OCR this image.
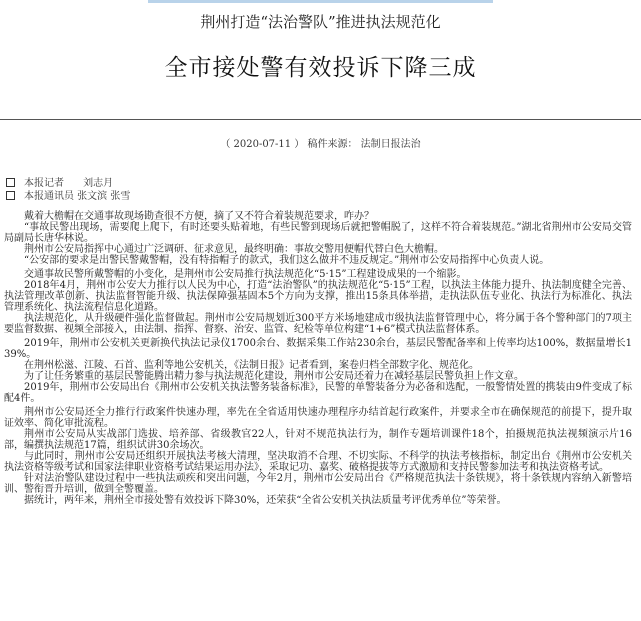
荆州打造“法治警队”推进执法规范化
全市接处警有效投诉下降三成
（ 2020-07-11 ） 稿件来源： 法制日报法治
本报记者      刘志月
本报通讯员 张文滨 张雪

戴着大檐帽在交通事故现场勘查很不方便，摘了又不符合着装规范要求，咋办？

“事故民警出现场，需要爬上爬下，有时还要头贴着地，有些民警到现场后就把警帽脱了，这样不符合着装规范。”湖北省荆州市公安局交管局副局长唐华林说。

荆州市公安局指挥中心通过广泛调研、征求意见，最终明确：事故交警用便帽代替白色大檐帽。

“公安部的要求是出警民警戴警帽，没有特指帽子的款式，我们这么做并不违反规定。”荆州市公安局指挥中心负责人说。

交通事故民警所戴警帽的小变化，是荆州市公安局推行执法规范化“5·15”工程建设成果的一个缩影。

2018年4月，荆州市公安大力推行以人民为中心，打造“法治警队”的执法规范化“5·15”工程，以执法主体能力提升、执法制度健全完善、执法管理改革创新、执法监督智能升级、执法保障强基固本5个方向为支撑，推出15条具体举措，走执法队伍专业化、执法行为标准化、执法管理系统化、执法流程信息化道路。

执法规范化，从升级硬件强化监督做起。荆州市公安局规划近300平方米场地建成市级执法监督管理中心，将分属于各个警种部门的7项主要监督数据、视频全部接入，由法制、指挥、督察、治安、监管、纪检等单位构建“1+6”模式执法监督体系。

2019年，荆州市公安机关更新换代执法记录仪1700余台、数据采集工作站230余台，基层民警配备率和上传率均达100%，数据量增长139%。

在荆州松滋、江陵、石首、监利等地公安机关，《法制日报》记者看到，案卷归档全部数字化、规范化。

为了让任务繁重的基层民警能腾出精力参与执法规范化建设，荆州市公安局还着力在减轻基层民警负担上作文章。

2019年，荆州市公安局出台《荆州市公安机关执法警务装备标准》，民警的单警装备分为必备和选配，一般警情处置的携装由9件变成了标配4件。

荆州市公安局还全力推行行政案件快速办理，率先在全省适用快速办理程序办结首起行政案件，并要求全市在确保规范的前提下，提升取证效率、简化审批流程。

荆州市公安局从实战部门选拔、培养部、省级教官22人，针对不规范执法行为，制作专题培训课件18个，拍摄规范执法视频演示片16部，编撰执法规范17篇，组织试讲30余场次。

与此同时，荆州市公安局还组织开展执法考核大清理，坚决取消不合理、不切实际、不科学的执法考核指标，制定出台《荆州市公安机关执法资格等级考试和国家法律职业资格考试结果运用办法》，采取记功、嘉奖、破格提拔等方式激励和支持民警参加法考和执法资格考试。

针对法治警队建设过程中一些执法顽疾和突出问题，今年2月，荆州市公安局出台《严格规范执法十条铁规》，将十条铁规内容纳入新警培训、警衔晋升培训，做到全警覆盖。

据统计，两年来，荆州全市接处警有效投诉下降30%，还荣获“全省公安机关执法质量考评优秀单位”等荣誉。
